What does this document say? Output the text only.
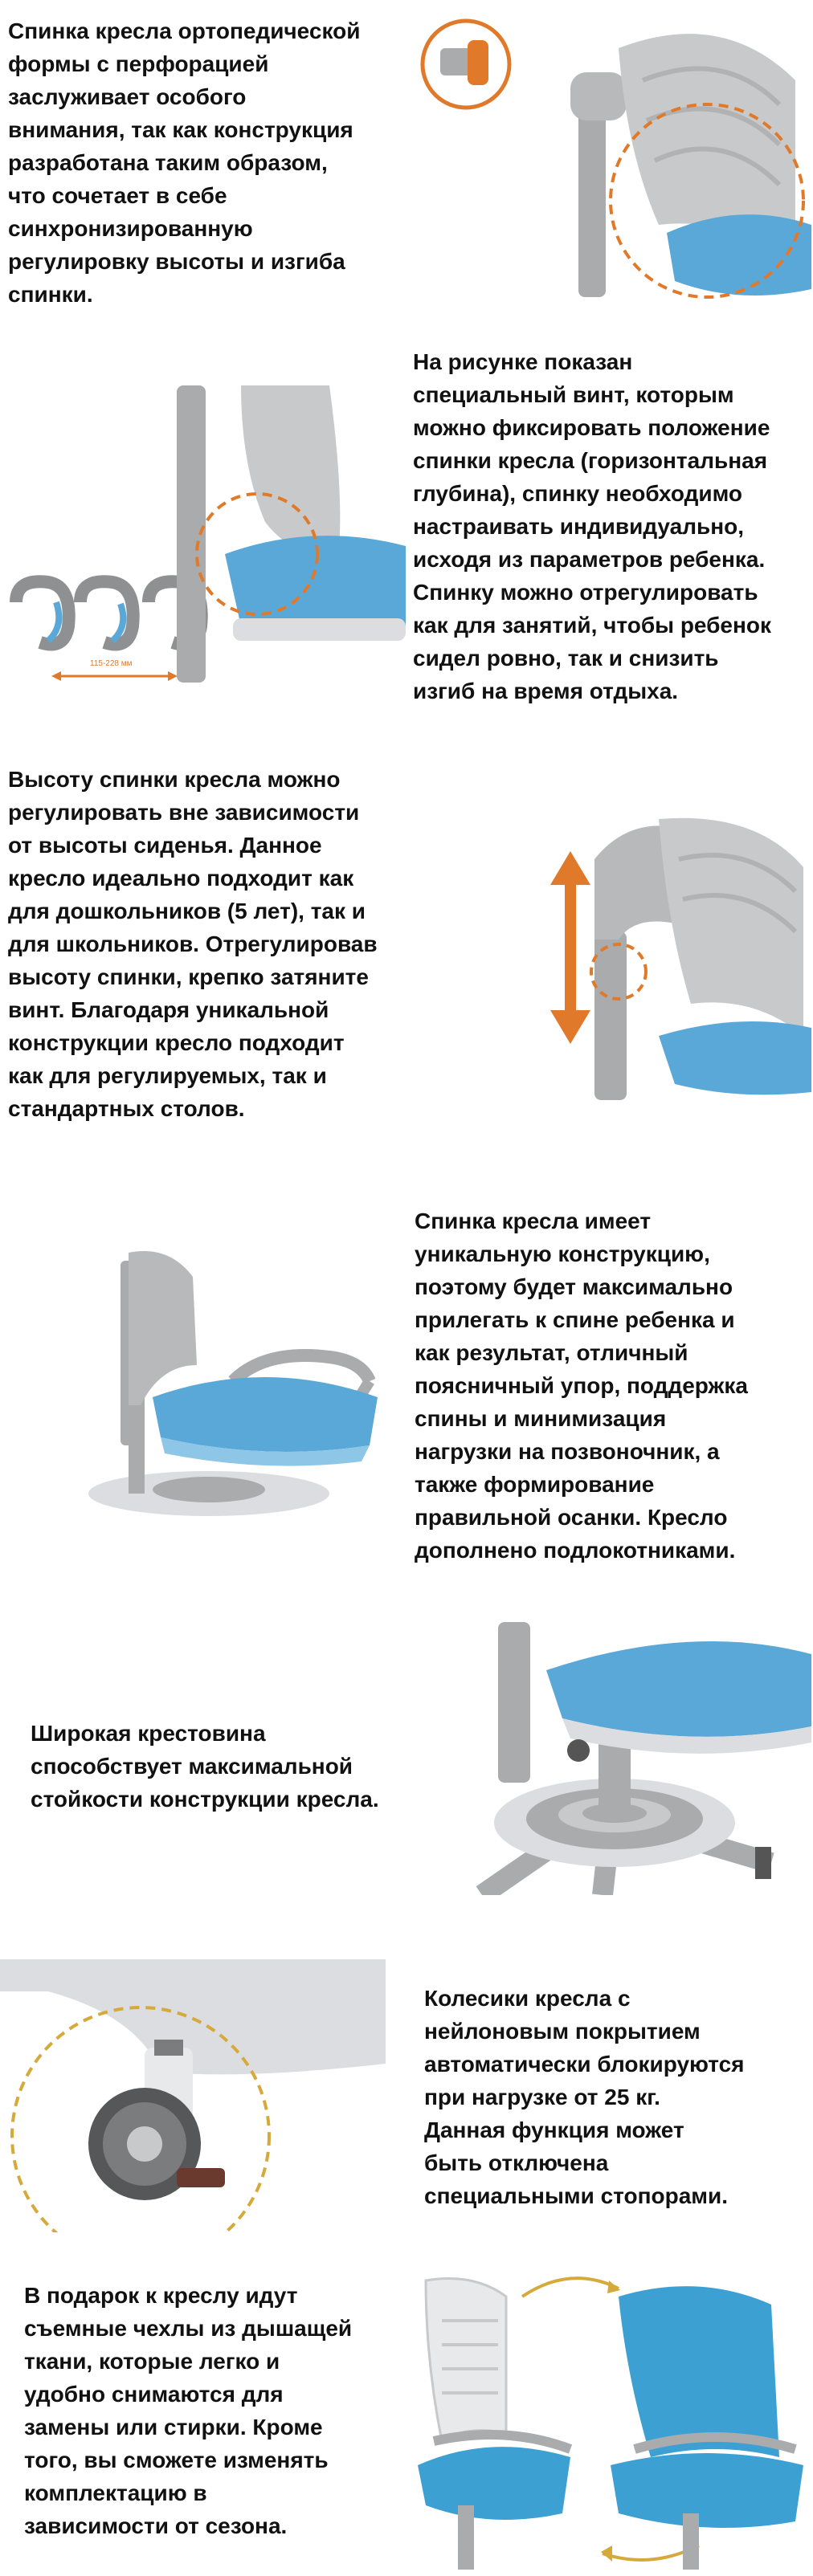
Спинка кресла ортопедической
формы с перфорацией
заслуживает особого
внимания, так как конструкция
разработана таким образом,
что сочетает в себе
синхронизированную
регулировку высоты и изгиба
спинки.

115-228 мм

На рисунке показан
специальный винт, которым
можно фиксировать положение
спинки кресла (горизонтальная
глубина), спинку необходимо
настраивать индивидуально,
исходя из параметров ребенка.
Спинку можно отрегулировать
как для занятий, чтобы ребенок
сидел ровно, так и снизить
изгиб на время отдыха.

Высоту спинки кресла можно
регулировать вне зависимости
от высоты сиденья. Данное
кресло идеально подходит как
для дошкольников (5 лет), так и
для школьников. Отрегулировав
высоту спинки, крепко затяните
винт. Благодаря уникальной
конструкции кресло подходит
как для регулируемых, так и
стандартных столов.

Спинка кресла имеет
уникальную конструкцию,
поэтому будет максимально
прилегать к спине ребенка и
как результат, отличный
поясничный упор, поддержка
спины и минимизация
нагрузки на позвоночник, а
также формирование
правильной осанки. Кресло
дополнено подлокотниками.

Широкая крестовина
способствует максимальной
стойкости конструкции кресла.

Колесики кресла с
нейлоновым покрытием
автоматически блокируются
при нагрузке от 25 кг.
Данная функция может
быть отключена
специальными стопорами.

В подарок к креслу идут
съемные чехлы из дышащей
ткани, которые легко и
удобно снимаются для
замены или стирки. Кроме
того, вы сможете изменять
комплектацию в
зависимости от сезона.
